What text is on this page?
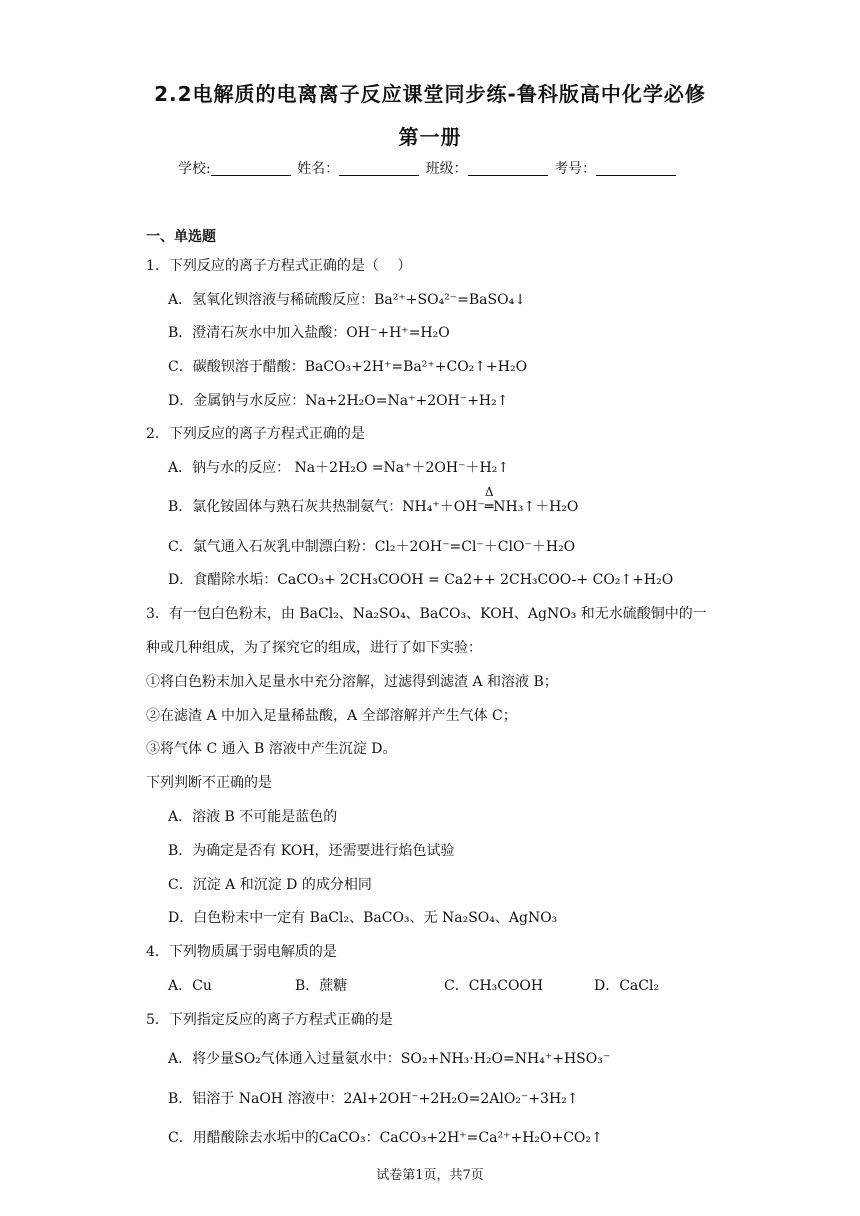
2.2电解质的电离离子反应课堂同步练-鲁科版高中化学必修
第一册
学校:	姓名：	班级：	考号：
一、单选题
1．下列反应的离子方程式正确的是（　 ）
A．氢氧化钡溶液与稀硫酸反应：Ba²⁺+SO₄²⁻=BaSO₄↓
B．澄清石灰水中加入盐酸：OH⁻+H⁺=H₂O
C．碳酸钡溶于醋酸：BaCO₃+2H⁺=Ba²⁺+CO₂↑+H₂O
D．金属钠与水反应：Na+2H₂O=Na⁺+2OH⁻+H₂↑
2．下列反应的离子方程式正确的是
A．钠与水的反应： Na＋2H₂O =Na⁺＋2OH⁻＋H₂↑
B．氯化铵固体与熟石灰共热制氨气：NH₄⁺＋OH⁻
Δ
═NH₃↑＋H₂O
C．氯气通入石灰乳中制漂白粉：Cl₂＋2OH⁻=Cl⁻＋ClO⁻＋H₂O
D．食醋除水垢：CaCO₃+ 2CH₃COOH = Ca2++ 2CH₃COO-+ CO₂↑+H₂O
3．有一包白色粉末，由 BaCl₂、Na₂SO₄、BaCO₃、KOH、AgNO₃ 和无水硫酸铜中的一
种或几种组成，为了探究它的组成，进行了如下实验：
①将白色粉末加入足量水中充分溶解，过滤得到滤渣 A 和溶液 B；
②在滤渣 A 中加入足量稀盐酸，A 全部溶解并产生气体 C；
③将气体 C 通入 B 溶液中产生沉淀 D。
下列判断不正确的是
A．溶液 B 不可能是蓝色的
B．为确定是否有 KOH，还需要进行焰色试验
C．沉淀 A 和沉淀 D 的成分相同
D．白色粉末中一定有 BaCl₂、BaCO₃、无 Na₂SO₄、AgNO₃
4．下列物质属于弱电解质的是
A．Cu	B．蔗糖	C．CH₃COOH	D．CaCl₂
5．下列指定反应的离子方程式正确的是
A．将少量SO₂气体通入过量氨水中：SO₂+NH₃·H₂O=NH₄⁺+HSO₃⁻
B．铝溶于 NaOH 溶液中：2Al+2OH⁻+2H₂O=2AlO₂⁻+3H₂↑
C．用醋酸除去水垢中的CaCO₃：CaCO₃+2H⁺=Ca²⁺+H₂O+CO₂↑
试卷第1页，共7页
